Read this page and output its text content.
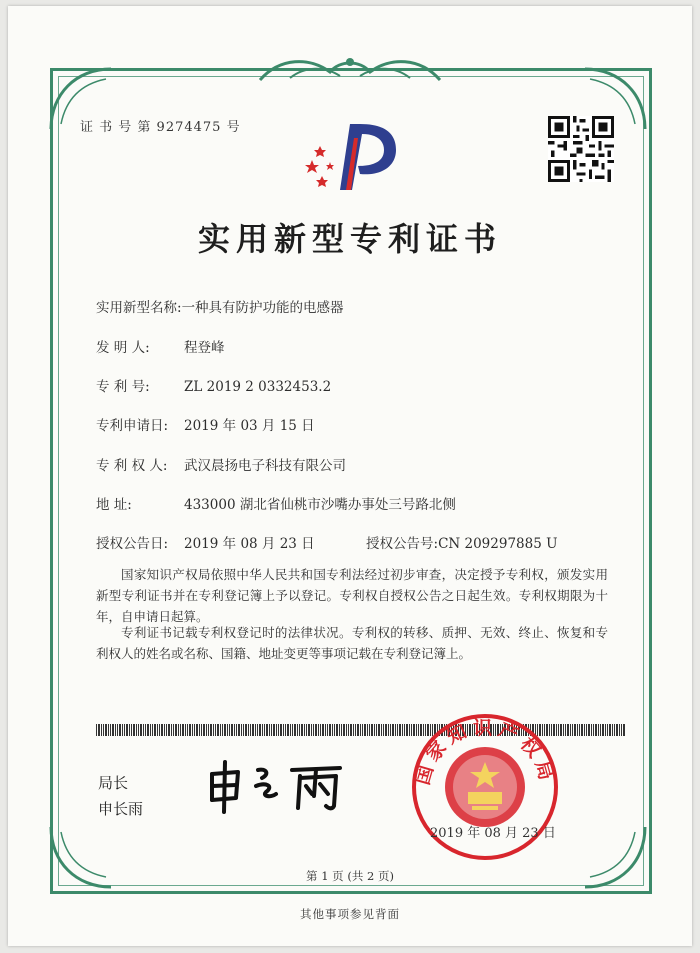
证 书 号 第 9274475 号
实用新型专利证书
实用新型名称:一种具有防护功能的电感器
发 明 人:	程登峰
专 利 号:	ZL 2019 2 0332453.2
专利申请日: 2019 年 03 月 15 日
专 利 权 人: 武汉晨扬电子科技有限公司
地 址:	433000 湖北省仙桃市沙嘴办事处三号路北侧
授权公告日: 2019 年 08 月 23 日	授权公告号:CN 209297885 U
国家知识产权局依照中华人民共和国专利法经过初步审查，决定授予专利权，颁发实用新型专利证书并在专利登记簿上予以登记。专利权自授权公告之日起生效。专利权期限为十年，自申请日起算。
专利证书记载专利权登记时的法律状况。专利权的转移、质押、无效、终止、恢复和专利权人的姓名或名称、国籍、地址变更等事项记载在专利登记簿上。
局长
申长雨
国家知识产权局
2019 年 08 月 23 日
第 1 页 (共 2 页)
其他事项参见背面
